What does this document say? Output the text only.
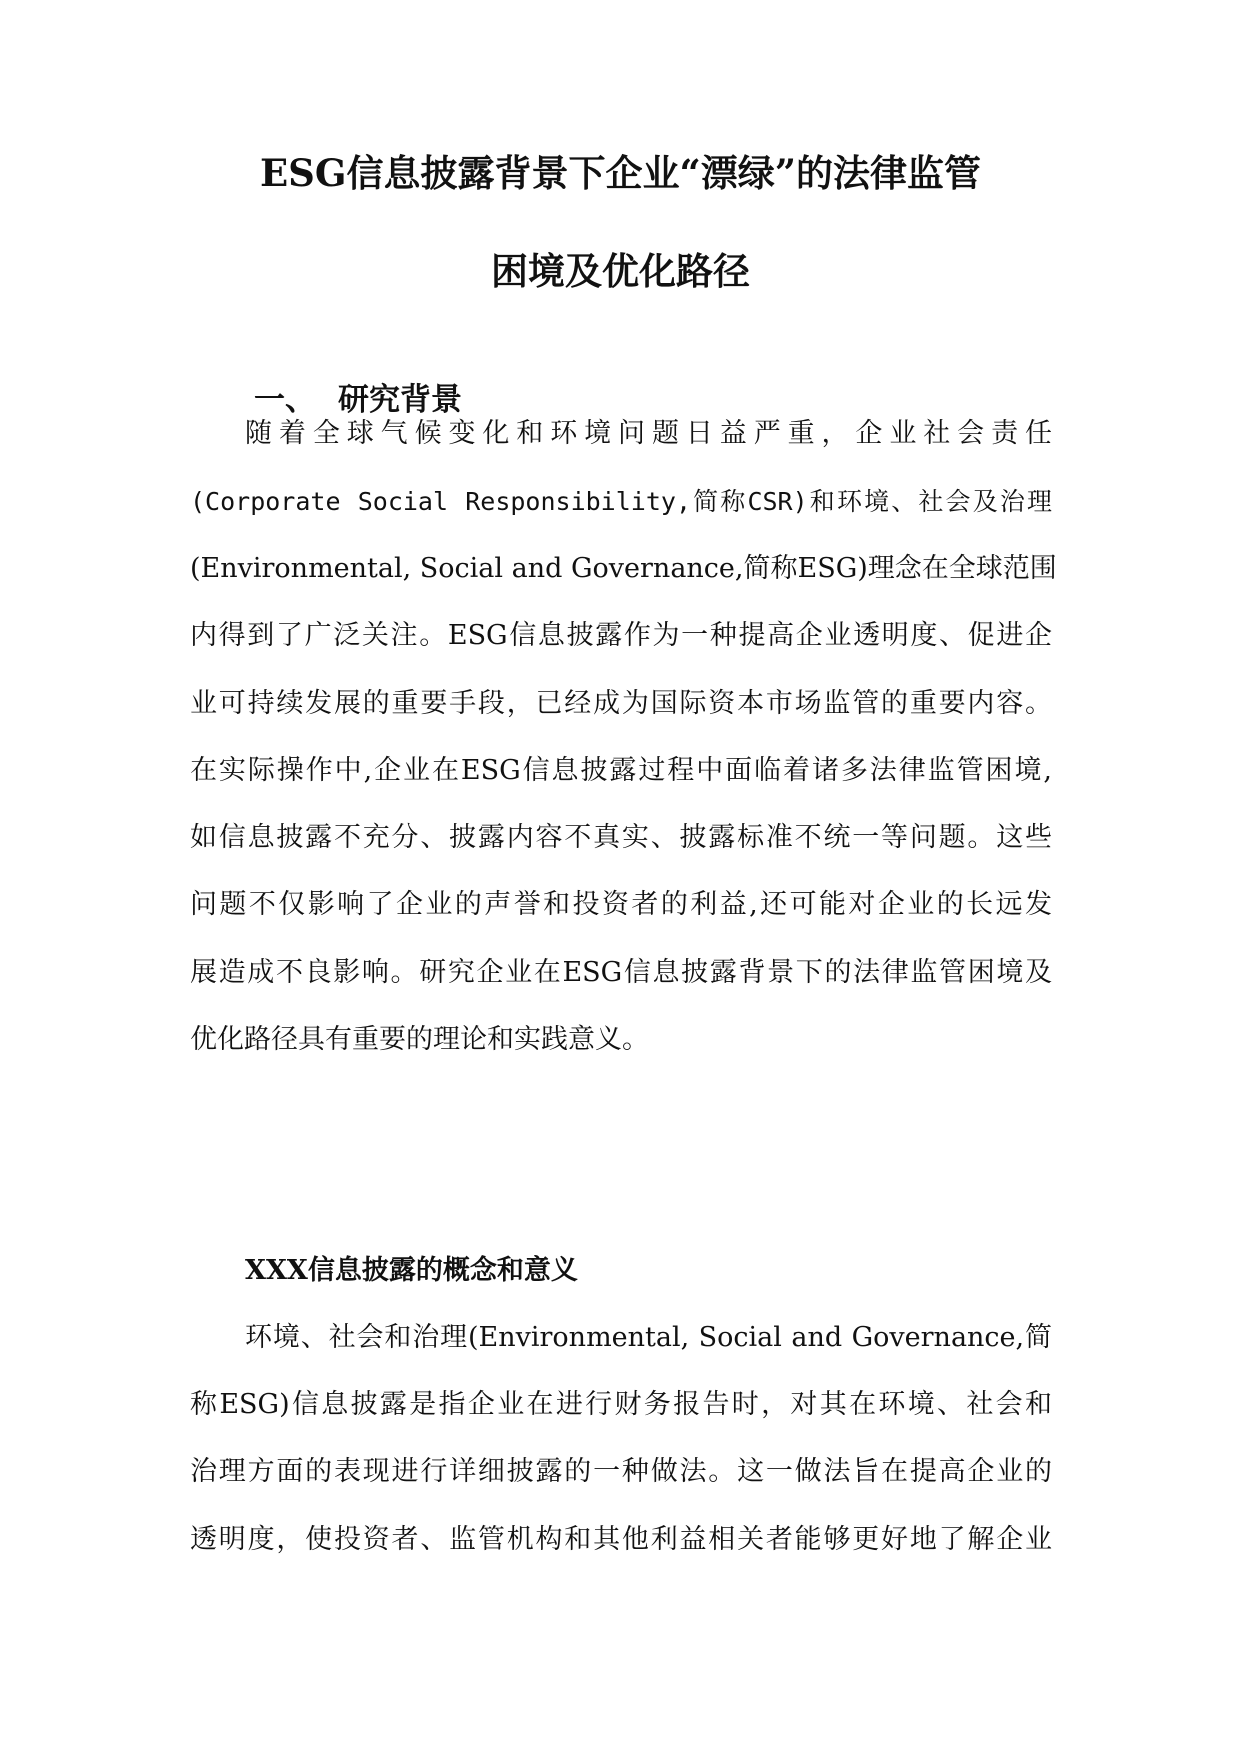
ESG信息披露背景下企业“漂绿”的法律监管
困境及优化路径
一、 研究背景
随着全球气候变化和环境问题日益严重，企业社会责任
(Corporate Social Responsibility,简称CSR)和环境、社会及治理
(Environmental, Social and Governance,简称ESG)理念在全球范围
内得到了广泛关注。ESG信息披露作为一种提高企业透明度、促进企
业可持续发展的重要手段，已经成为国际资本市场监管的重要内容。
在实际操作中,企业在ESG信息披露过程中面临着诸多法律监管困境,
如信息披露不充分、披露内容不真实、披露标准不统一等问题。这些
问题不仅影响了企业的声誉和投资者的利益,还可能对企业的长远发
展造成不良影响。研究企业在ESG信息披露背景下的法律监管困境及
优化路径具有重要的理论和实践意义。
XXX信息披露的概念和意义
环境、社会和治理(Environmental, Social and Governance,简
称ESG)信息披露是指企业在进行财务报告时，对其在环境、社会和
治理方面的表现进行详细披露的一种做法。这一做法旨在提高企业的
透明度，使投资者、监管机构和其他利益相关者能够更好地了解企业
